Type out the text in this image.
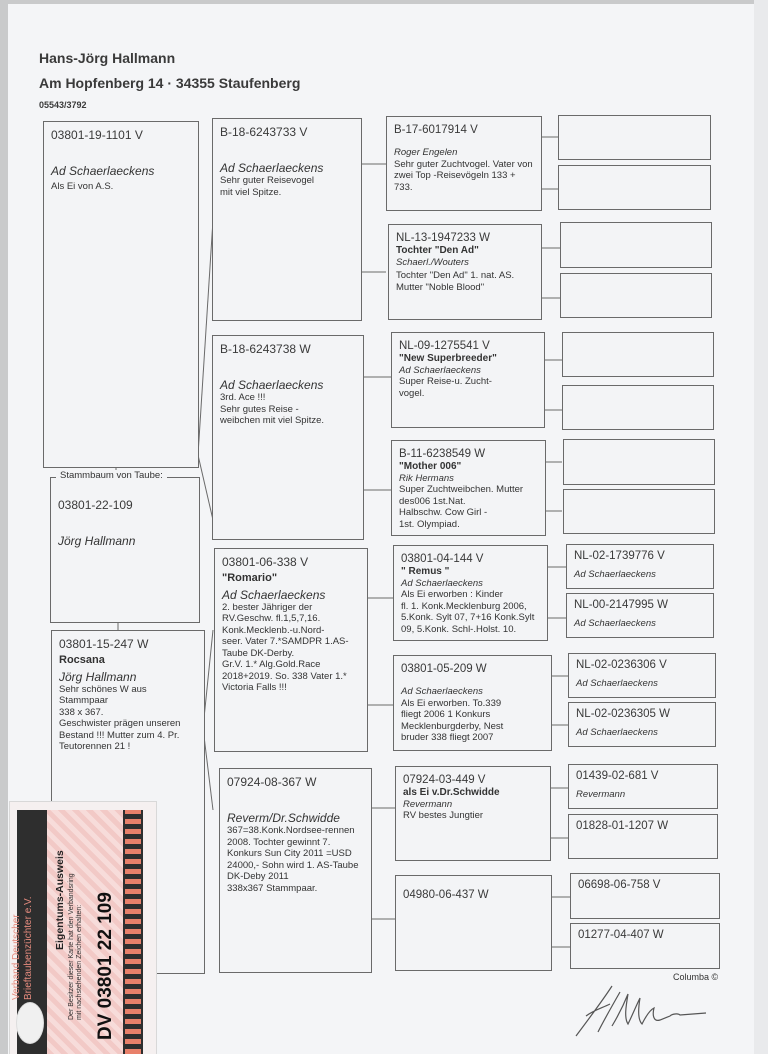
Hans-Jörg Hallmann
Am Hopfenberg 14 · 34355 Staufenberg
05543/3792
03801-19-1101 V
Ad Schaerlaeckens
Als Ei von A.S.
03801-22-109
Jörg Hallmann
Stammbaum von Taube:
03801-15-247 W
Rocsana
Jörg Hallmann
Sehr schönes W aus Stammpaar
338 x 367.
Geschwister prägen unseren
Bestand !!! Mutter zum 4. Pr.
Teutorennen 21 !
B-18-6243733 V
Ad Schaerlaeckens
Sehr guter Reisevogel
mit viel Spitze.
B-18-6243738 W
Ad Schaerlaeckens
3rd. Ace !!!
Sehr gutes Reise -
weibchen mit viel Spitze.
03801-06-338 V
"Romario"
Ad Schaerlaeckens
2. bester Jähriger der
RV.Geschw. fl.1,5,7,16.
Konk.Mecklenb.-u.Nord-
seer. Vater 7.*SAMDPR 1.AS-
Taube DK-Derby.
Gr.V. 1.* Alg.Gold.Race
2018+2019. So. 338 Vater 1.*
Victoria Falls !!!
07924-08-367 W
Reverm/Dr.Schwidde
367=38.Konk.Nordsee-rennen
2008. Tochter gewinnt 7.
Konkurs Sun City 2011 =USD
24000,- Sohn wird 1. AS-Taube
DK-Deby 2011
338x367 Stammpaar.
B-17-6017914 V
Roger Engelen
Sehr guter Zuchtvogel. Vater von
zwei Top -Reisevögeln 133 + 733.
NL-13-1947233 W
Tochter "Den Ad"
Schaerl./Wouters
Tochter "Den Ad" 1. nat. AS.
Mutter "Noble Blood"
NL-09-1275541 V
"New Superbreeder"
Ad Schaerlaeckens
Super Reise-u. Zucht-
vogel.
B-11-6238549 W
"Mother 006"
Rik Hermans
Super Zuchtweibchen. Mutter
des006 1st.Nat.
Halbschw. Cow Girl -
1st. Olympiad.
03801-04-144 V
" Remus "
Ad Schaerlaeckens
Als Ei erworben : Kinder
fl. 1. Konk.Mecklenburg 2006,
5.Konk. Sylt 07, 7+16 Konk.Sylt
09, 5.Konk. Schl-.Holst. 10.
03801-05-209 W
Ad Schaerlaeckens
Als Ei erworben. To.339
fliegt 2006 1 Konkurs
Mecklenburgderby, Nest
bruder 338 fliegt 2007
07924-03-449 V
als Ei v.Dr.Schwidde
Revermann
RV bestes Jungtier
04980-06-437 W
NL-02-1739776 V
Ad Schaerlaeckens
NL-00-2147995 W
Ad Schaerlaeckens
NL-02-0236306 V
Ad Schaerlaeckens
NL-02-0236305 W
Ad Schaerlaeckens
01439-02-681 V
Revermann
01828-01-1207 W
06698-06-758 V
01277-04-407 W
Columba ©
Verband Deutscher Brieftaubenzüchter e.V. Eigentums-Ausweis Der Besitzer dieser Karte hat den Verbandsring mit nachstehenden Zeichen erhalten: DV 03801 22 109
